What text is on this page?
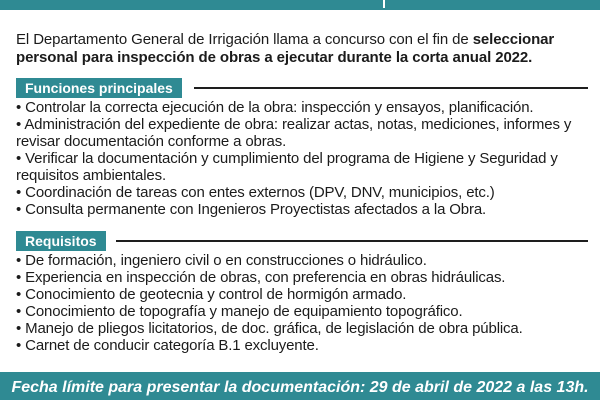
El Departamento General de Irrigación llama a concurso con el fin de seleccionar personal para inspección de obras a ejecutar durante la corta anual 2022.

Funciones principales
• Controlar la correcta ejecución de la obra: inspección y ensayos, planificación.
• Administración del expediente de obra: realizar actas, notas, mediciones, informes y revisar documentación conforme a obras.
• Verificar la documentación y cumplimiento del programa de Higiene y Seguridad y requisitos ambientales.
• Coordinación de tareas con entes externos (DPV, DNV, municipios, etc.)
• Consulta permanente con Ingenieros Proyectistas afectados a la Obra.
Requisitos
• De formación, ingeniero civil o en construcciones o hidráulico.
• Experiencia en inspección de obras, con preferencia en obras hidráulicas.
• Conocimiento de geotecnia y control de hormigón armado.
• Conocimiento de topografía y manejo de equipamiento topográfico.
• Manejo de pliegos licitatorios, de doc. gráfica, de legislación de obra pública.
• Carnet de conducir categoría B.1 excluyente.
Fecha límite para presentar la documentación: 29 de abril de 2022 a las 13h.
